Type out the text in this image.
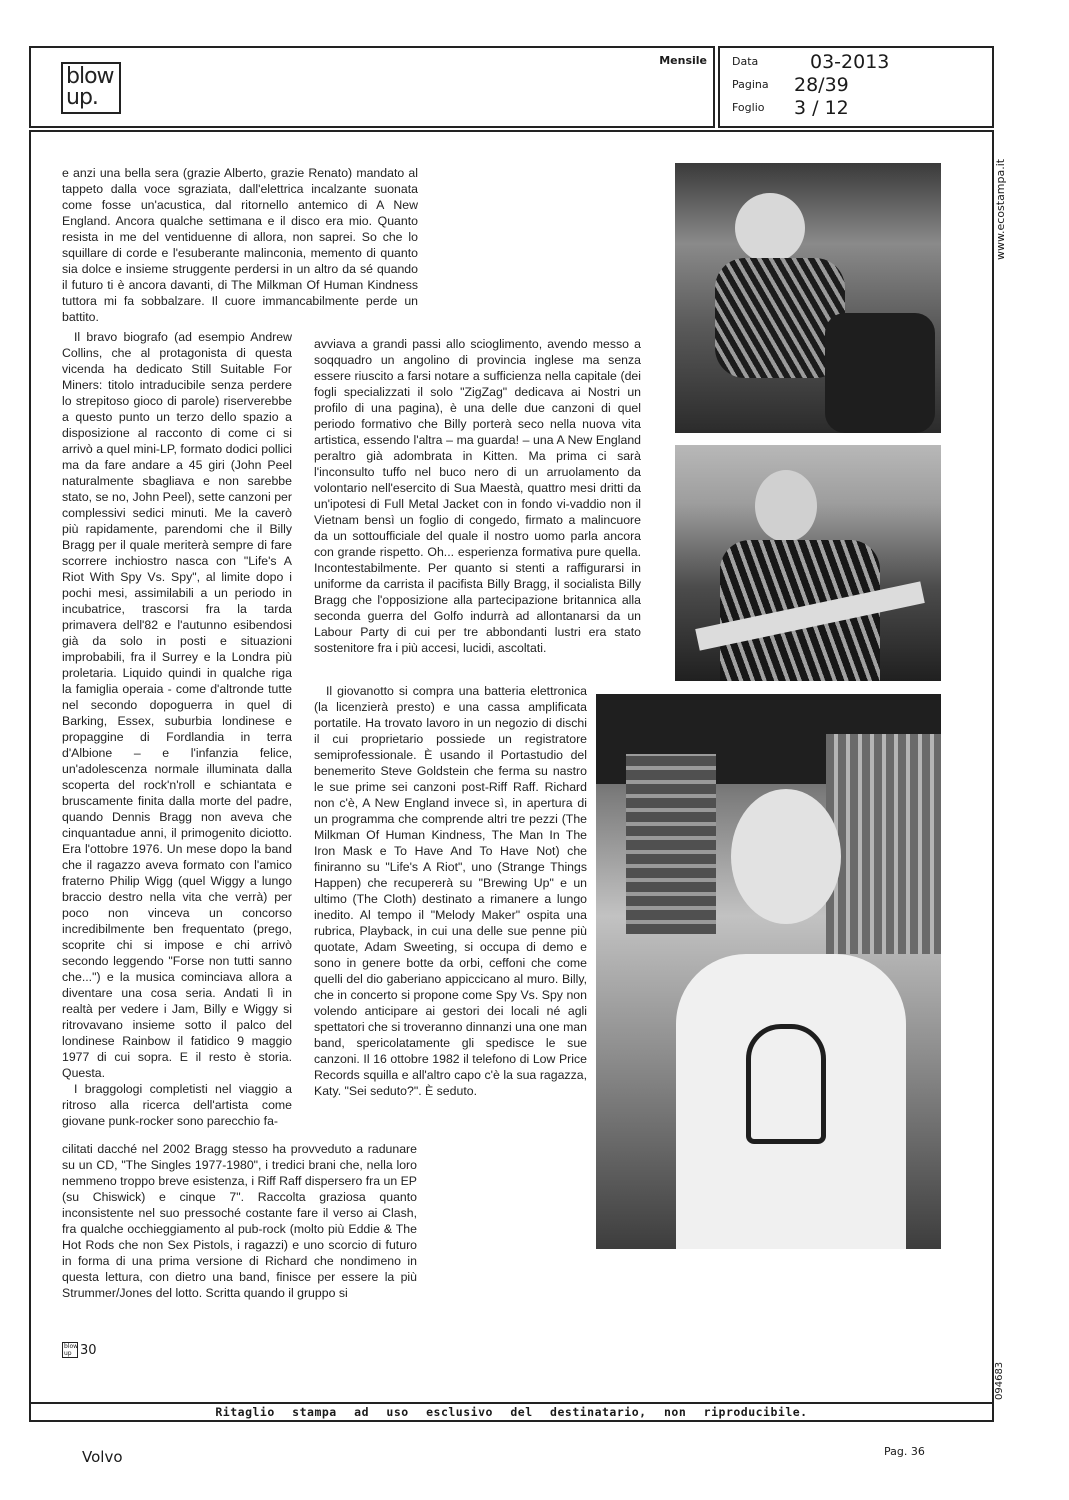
blow up.
Mensile Data	03-2013
Pagina 28/39
Foglio 3 / 12
Ritaglio stampa ad uso esclusivo del destinatario, non riproducibile.
www.ecostampa.it
094683

e anzi una bella sera (grazie Alberto, grazie Renato) mandato al tappeto dalla voce sgraziata, dall'elettrica incalzante suonata come fosse un'acustica, dal ritornello antemico di A New England. Ancora qualche settimana e il disco era mio. Quanto resista in me del ventiduenne di allora, non saprei. So che lo squillare di corde e l'esuberante malinconia, memento di quanto sia dolce e insieme struggente perdersi in un altro da sé quando il futuro ti è ancora davanti, di The Milkman Of Human Kindness tuttora mi fa sobbalzare. Il cuore immancabilmente perde un battito.

Il bravo biografo (ad esempio Andrew Collins, che al protagonista di questa vicenda ha dedicato Still Suitable For Miners: titolo intraducibile senza perdere lo strepitoso gioco di parole) riserverebbe a questo punto un terzo dello spazio a disposizione al racconto di come ci si arrivò a quel mini-LP, formato dodici pollici ma da fare andare a 45 giri (John Peel naturalmente sbagliava e non sarebbe stato, se no, John Peel), sette canzoni per complessivi sedici minuti. Me la caverò più rapidamente, parendomi che il Billy Bragg per il quale meriterà sempre di fare scorrere inchiostro nasca con "Life's A Riot With Spy Vs. Spy", al limite dopo i pochi mesi, assimilabili a un periodo in incubatrice, trascorsi fra la tarda primavera dell'82 e l'autunno esibendosi già da solo in posti e situazioni improbabili, fra il Surrey e la Londra più proletaria. Liquido quindi in qualche riga la famiglia operaia - come d'altronde tutte nel secondo dopoguerra in quel di Barking, Essex, suburbia londinese e propaggine di Fordlandia in terra d'Albione – e l'infanzia felice, un'adolescenza normale illuminata dalla scoperta del rock'n'roll e schiantata e bruscamente finita dalla morte del padre, quando Dennis Bragg non aveva che cinquantadue anni, il primogenito diciotto. Era l'ottobre 1976. Un mese dopo la band che il ragazzo aveva formato con l'amico fraterno Philip Wigg (quel Wiggy a lungo braccio destro nella vita che verrà) per poco non vinceva un concorso incredibilmente ben frequentato (prego, scoprite chi si impose e chi arrivò secondo leggendo "Forse non tutti sanno che...") e la musica cominciava allora a diventare una cosa seria. Andati lì in realtà per vedere i Jam, Billy e Wiggy si ritrovavano insieme sotto il palco del londinese Rainbow il fatidico 9 maggio 1977 di cui sopra. E il resto è storia. Questa.

I braggologi completisti nel viaggio a ritroso alla ricerca dell'artista come giovane punk-rocker sono parecchio fa-

avviava a grandi passi allo scioglimento, avendo messo a soqquadro un angolino di provincia inglese ma senza essere riuscito a farsi notare a sufficienza nella capitale (dei fogli specializzati il solo "ZigZag" dedicava ai Nostri un profilo di una pagina), è una delle due canzoni di quel periodo formativo che Billy porterà seco nella nuova vita artistica, essendo l'altra – ma guarda! – una A New England peraltro già adombrata in Kitten. Ma prima ci sarà l'inconsulto tuffo nel buco nero di un arruolamento da volontario nell'esercito di Sua Maestà, quattro mesi dritti da un'ipotesi di Full Metal Jacket con in fondo vi-vaddio non il Vietnam bensì un foglio di congedo, firmato a malincuore da un sottoufficiale del quale il nostro uomo parla ancora con grande rispetto. Oh... esperienza formativa pure quella. Incontestabilmente. Per quanto si stenti a raffigurarsi in uniforme da carrista il pacifista Billy Bragg, il socialista Billy Bragg che l'opposizione alla partecipazione britannica alla seconda guerra del Golfo indurrà ad allontanarsi da un Labour Party di cui per tre abbondanti lustri era stato sostenitore fra i più accesi, lucidi, ascoltati.

Il giovanotto si compra una batteria elettronica (la licenzierà presto) e una cassa amplificata portatile. Ha trovato lavoro in un negozio di dischi il cui proprietario possiede un registratore semiprofessionale. È usando il Portastudio del benemerito Steve Goldstein che ferma su nastro le sue prime sei canzoni post-Riff Raff. Richard non c'è, A New England invece sì, in apertura di un programma che comprende altri tre pezzi (The Milkman Of Human Kindness, The Man In The Iron Mask e To Have And To Have Not) che finiranno su "Life's A Riot", uno (Strange Things Happen) che recupererà su "Brewing Up" e un ultimo (The Cloth) destinato a rimanere a lungo inedito. Al tempo il "Melody Maker" ospita una rubrica, Playback, in cui una delle sue penne più quotate, Adam Sweeting, si occupa di demo e sono in genere botte da orbi, ceffoni che come quelli del dio gaberiano appiccicano al muro. Billy, che in concerto si propone come Spy Vs. Spy non volendo anticipare ai gestori dei locali né agli spettatori che si troveranno dinnanzi una one man band, spericolatamente gli spedisce le sue canzoni. Il 16 ottobre 1982 il telefono di Low Price Records squilla e all'altro capo c'è la sua ragazza, Katy. "Sei seduto?". È seduto.

cilitati dacché nel 2002 Bragg stesso ha provveduto a radunare su un CD, "The Singles 1977-1980", i tredici brani che, nella loro nemmeno troppo breve esistenza, i Riff Raff dispersero fra un EP (su Chiswick) e cinque 7". Raccolta graziosa quanto inconsistente nel suo pressoché costante fare il verso ai Clash, fra qualche occhieggiamento al pub-rock (molto più Eddie & The Hot Rods che non Sex Pistols, i ragazzi) e uno scorcio di futuro in forma di una prima versione di Richard che nondimeno in questa lettura, con dietro una band, finisce per essere la più Strummer/Jones del lotto. Scritta quando il gruppo si

blow up 30
Volvo	Pag. 36
